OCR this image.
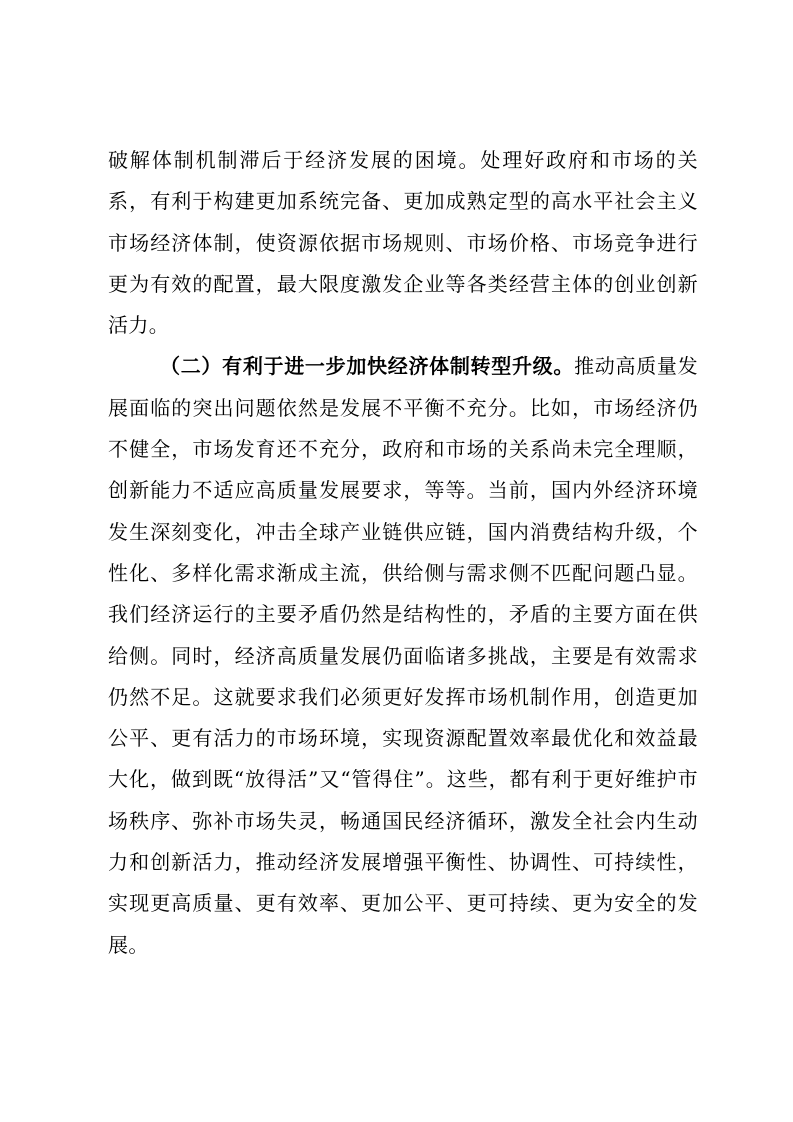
破解体制机制滞后于经济发展的困境。处理好政府和市场的关系，有利于构建更加系统完备、更加成熟定型的高水平社会主义市场经济体制，使资源依据市场规则、市场价格、市场竞争进行更为有效的配置，最大限度激发企业等各类经营主体的创业创新活力。

（二）有利于进一步加快经济体制转型升级。推动高质量发展面临的突出问题依然是发展不平衡不充分。比如，市场经济仍不健全，市场发育还不充分，政府和市场的关系尚未完全理顺，创新能力不适应高质量发展要求，等等。当前，国内外经济环境发生深刻变化，冲击全球产业链供应链，国内消费结构升级，个性化、多样化需求渐成主流，供给侧与需求侧不匹配问题凸显。我们经济运行的主要矛盾仍然是结构性的，矛盾的主要方面在供给侧。同时，经济高质量发展仍面临诸多挑战，主要是有效需求仍然不足。这就要求我们必须更好发挥市场机制作用，创造更加公平、更有活力的市场环境，实现资源配置效率最优化和效益最大化，做到既“放得活”又“管得住”。这些，都有利于更好维护市场秩序、弥补市场失灵，畅通国民经济循环，激发全社会内生动力和创新活力，推动经济发展增强平衡性、协调性、可持续性，实现更高质量、更有效率、更加公平、更可持续、更为安全的发展。
